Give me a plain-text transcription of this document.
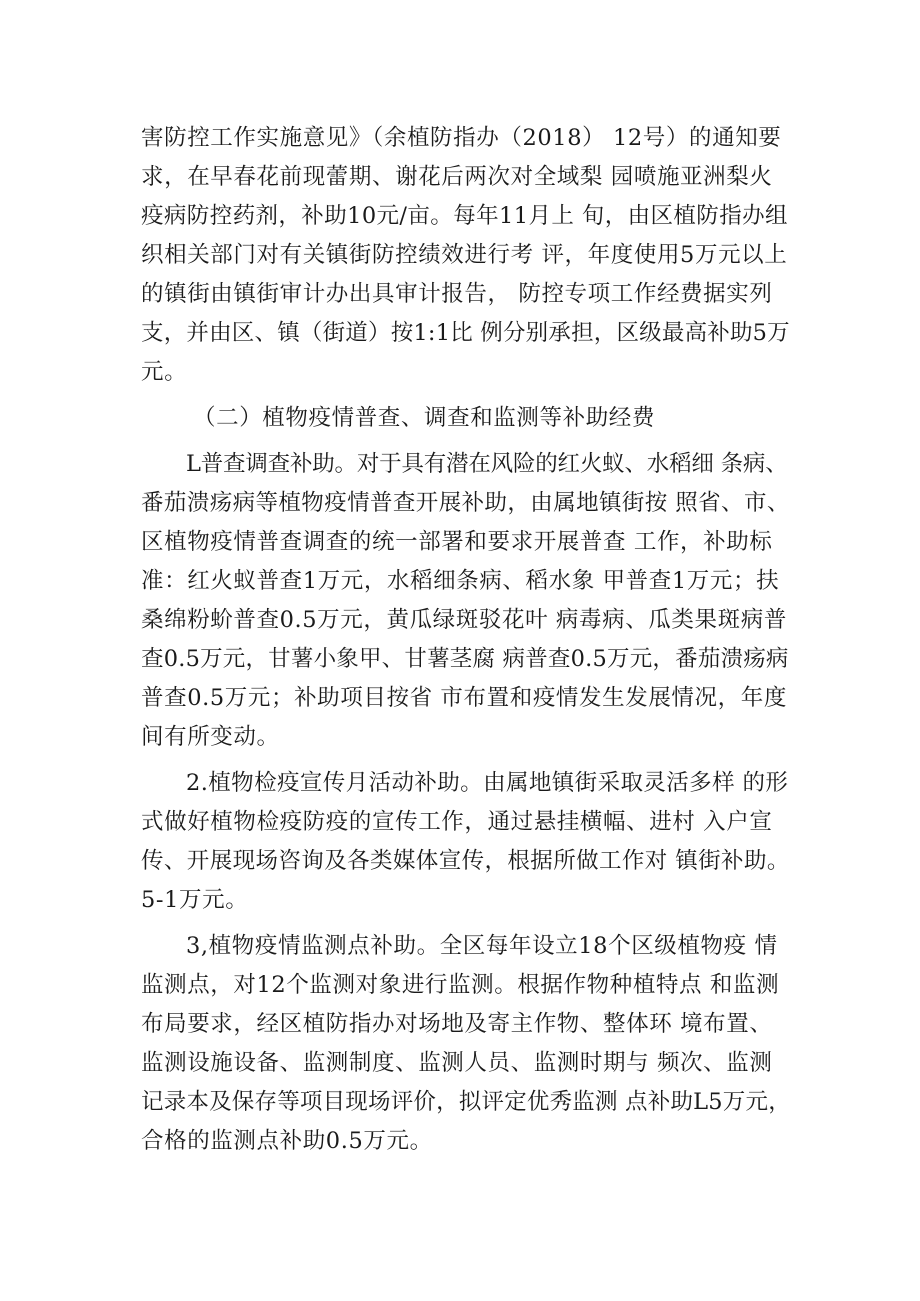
害防控工作实施意见》（余植防指办（2018） 12号）的通知要
求，在早春花前现蕾期、谢花后两次对全域梨 园喷施亚洲梨火
疫病防控药剂，补助10元/亩。每年11月上 旬，由区植防指办组
织相关部门对有关镇街防控绩效进行考 评，年度使用5万元以上
的镇街由镇街审计办出具审计报告， 防控专项工作经费据实列
支，并由区、镇（街道）按1:1比 例分别承担，区级最高补助5万
元。
（二）植物疫情普查、调查和监测等补助经费
L普查调查补助。对于具有潜在风险的红火蚁、水稻细 条病、
番茄溃疡病等植物疫情普查开展补助，由属地镇街按 照省、市、
区植物疫情普查调查的统一部署和要求开展普查 工作，补助标
准：红火蚁普查1万元，水稻细条病、稻水象 甲普查1万元；扶
桑绵粉蚧普查0.5万元，黄瓜绿斑驳花叶 病毒病、瓜类果斑病普
查0.5万元，甘薯小象甲、甘薯茎腐 病普查0.5万元，番茄溃疡病
普查0.5万元；补助项目按省 市布置和疫情发生发展情况，年度
间有所变动。
2.植物检疫宣传月活动补助。由属地镇街采取灵活多样 的形
式做好植物检疫防疫的宣传工作，通过悬挂横幅、进村 入户宣
传、开展现场咨询及各类媒体宣传，根据所做工作对 镇街补助。
5-1万元。
3,植物疫情监测点补助。全区每年设立18个区级植物疫 情
监测点，对12个监测对象进行监测。根据作物种植特点 和监测
布局要求，经区植防指办对场地及寄主作物、整体环 境布置、
监测设施设备、监测制度、监测人员、监测时期与 频次、监测
记录本及保存等项目现场评价，拟评定优秀监测 点补助L5万元，
合格的监测点补助0.5万元。
